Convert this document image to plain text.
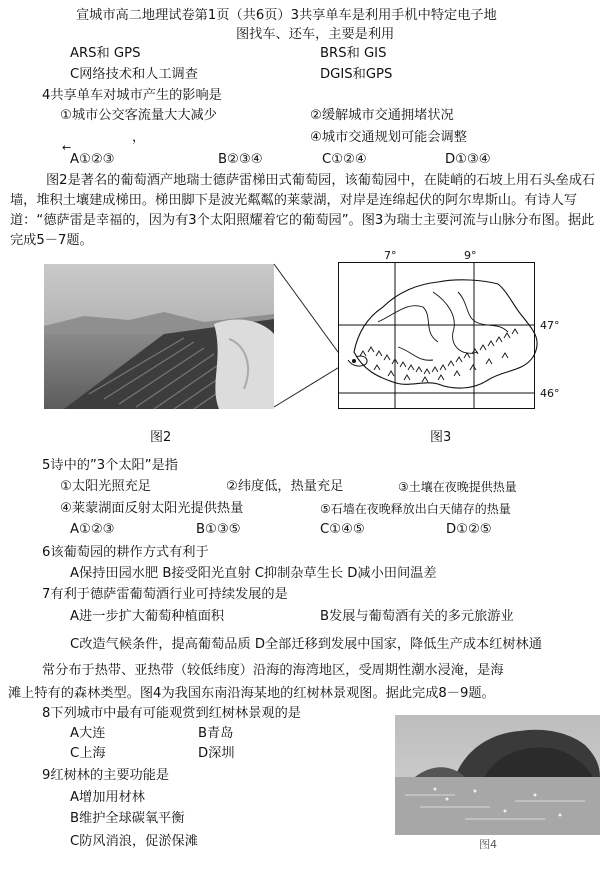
宣城市高二地理试卷第1页（共6页）3共享单车是利用手机中特定电子地
图找车、还车，主要是利用
ARS和 GPS	BRS和 GIS
C网络技术和人工调查	DGIS和GPS
4共享单车对城市产生的影响是
①城市公交客流量大大减少	②缓解城市交通拥堵状况
，	④城市交通规划可能会调整
←
A①②③	B②③④	C①②④	D①③④
图2是著名的葡萄酒产地瑞士德萨雷梯田式葡萄园，该葡萄园中，在陡峭的石坡上用石头垒成石墙，堆积土壤建成梯田。梯田脚下是波光粼粼的莱蒙湖，对岸是连绵起伏的阿尔卑斯山。有诗人写道：“德萨雷是幸福的，因为有3个太阳照耀着它的葡萄园”。图3为瑞士主要河流与山脉分布图。据此完成5－7题。
图2
7°	9°
47°
46°
图3
5诗中的”3个太阳”是指
①太阳光照充足	②纬度低，热量充足	③土壤在夜晚提供热量
④莱蒙湖面反射太阳光提供热量	⑤石墙在夜晚释放出白天储存的热量
A①②③	B①③⑤	C①④⑤	D①②⑤
6该葡萄园的耕作方式有利于
A保持田园水肥 B接受阳光直射 C抑制杂草生长 D减小田间温差
7有利于德萨雷葡萄酒行业可持续发展的是
A进一步扩大葡萄种植面积	B发展与葡萄酒有关的多元旅游业
C改造气候条件，提高葡萄品质 D全部迁移到发展中国家，降低生产成本红树林通
常分布于热带、亚热带（较低纬度）沿海的海湾地区，受周期性潮水浸淹，是海
滩上特有的森林类型。图4为我国东南沿海某地的红树林景观图。据此完成8－9题。
8下列城市中最有可能观赏到红树林景观的是
A大连	B青岛
C上海	D深圳
9红树林的主要功能是
A增加用材林
B维护全球碳氧平衡
C防风消浪，促淤保滩	图4
